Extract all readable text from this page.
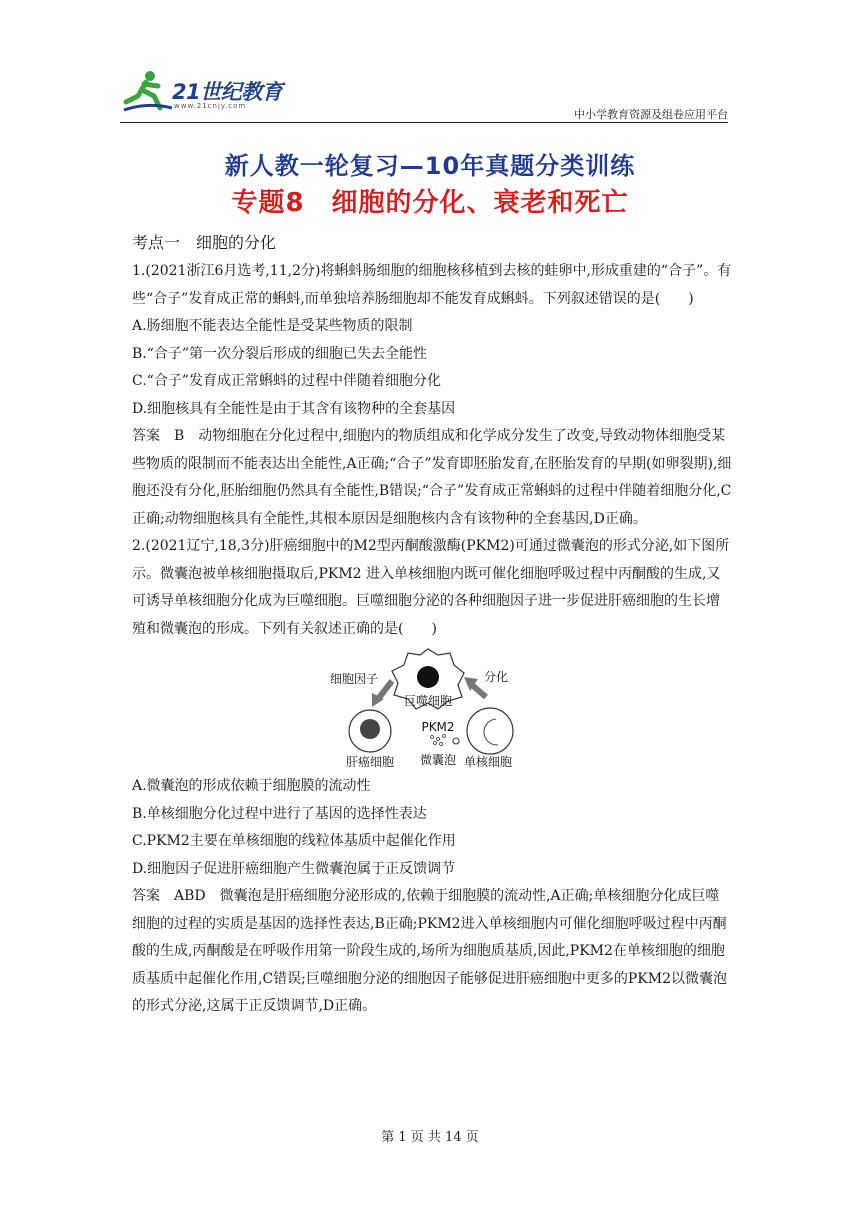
21世纪教育
www.21cnjy.com
中小学教育资源及组卷应用平台
新人教一轮复习—10年真题分类训练
专题8　细胞的分化、衰老和死亡

考点一　细胞的分化

1.(2021浙江6月选考,11,2分)将蝌蚪肠细胞的细胞核移植到去核的蛙卵中,形成重建的“合子”。有些“合子”发育成正常的蝌蚪,而单独培养肠细胞却不能发育成蝌蚪。下列叙述错误的是(　　)

A.肠细胞不能表达全能性是受某些物质的限制

B.“合子”第一次分裂后形成的细胞已失去全能性

C.“合子”发育成正常蝌蚪的过程中伴随着细胞分化

D.细胞核具有全能性是由于其含有该物种的全套基因

答案　B　动物细胞在分化过程中,细胞内的物质组成和化学成分发生了改变,导致动物体细胞受某些物质的限制而不能表达出全能性,A正确;“合子”发育即胚胎发育,在胚胎发育的早期(如卵裂期),细胞还没有分化,胚胎细胞仍然具有全能性,B错误;“合子”发育成正常蝌蚪的过程中伴随着细胞分化,C正确;动物细胞核具有全能性,其根本原因是细胞核内含有该物种的全套基因,D正确。

2.(2021辽宁,18,3分)肝癌细胞中的M2型丙酮酸激酶(PKM2)可通过微囊泡的形式分泌,如下图所示。微囊泡被单核细胞摄取后,PKM2 进入单核细胞内既可催化细胞呼吸过程中丙酮酸的生成,又可诱导单核细胞分化成为巨噬细胞。巨噬细胞分泌的各种细胞因子进一步促进肝癌细胞的生长增殖和微囊泡的形成。下列有关叙述正确的是(　　)

巨噬细胞
细胞因子	分化
肝癌细胞
PKM2
微囊泡 单核细胞

A.微囊泡的形成依赖于细胞膜的流动性

B.单核细胞分化过程中进行了基因的选择性表达

C.PKM2主要在单核细胞的线粒体基质中起催化作用

D.细胞因子促进肝癌细胞产生微囊泡属于正反馈调节

答案　ABD　微囊泡是肝癌细胞分泌形成的,依赖于细胞膜的流动性,A正确;单核细胞分化成巨噬细胞的过程的实质是基因的选择性表达,B正确;PKM2进入单核细胞内可催化细胞呼吸过程中丙酮酸的生成,丙酮酸是在呼吸作用第一阶段生成的,场所为细胞质基质,因此,PKM2在单核细胞的细胞质基质中起催化作用,C错误;巨噬细胞分泌的细胞因子能够促进肝癌细胞中更多的PKM2以微囊泡的形式分泌,这属于正反馈调节,D正确。

第 1 页 共 14 页
